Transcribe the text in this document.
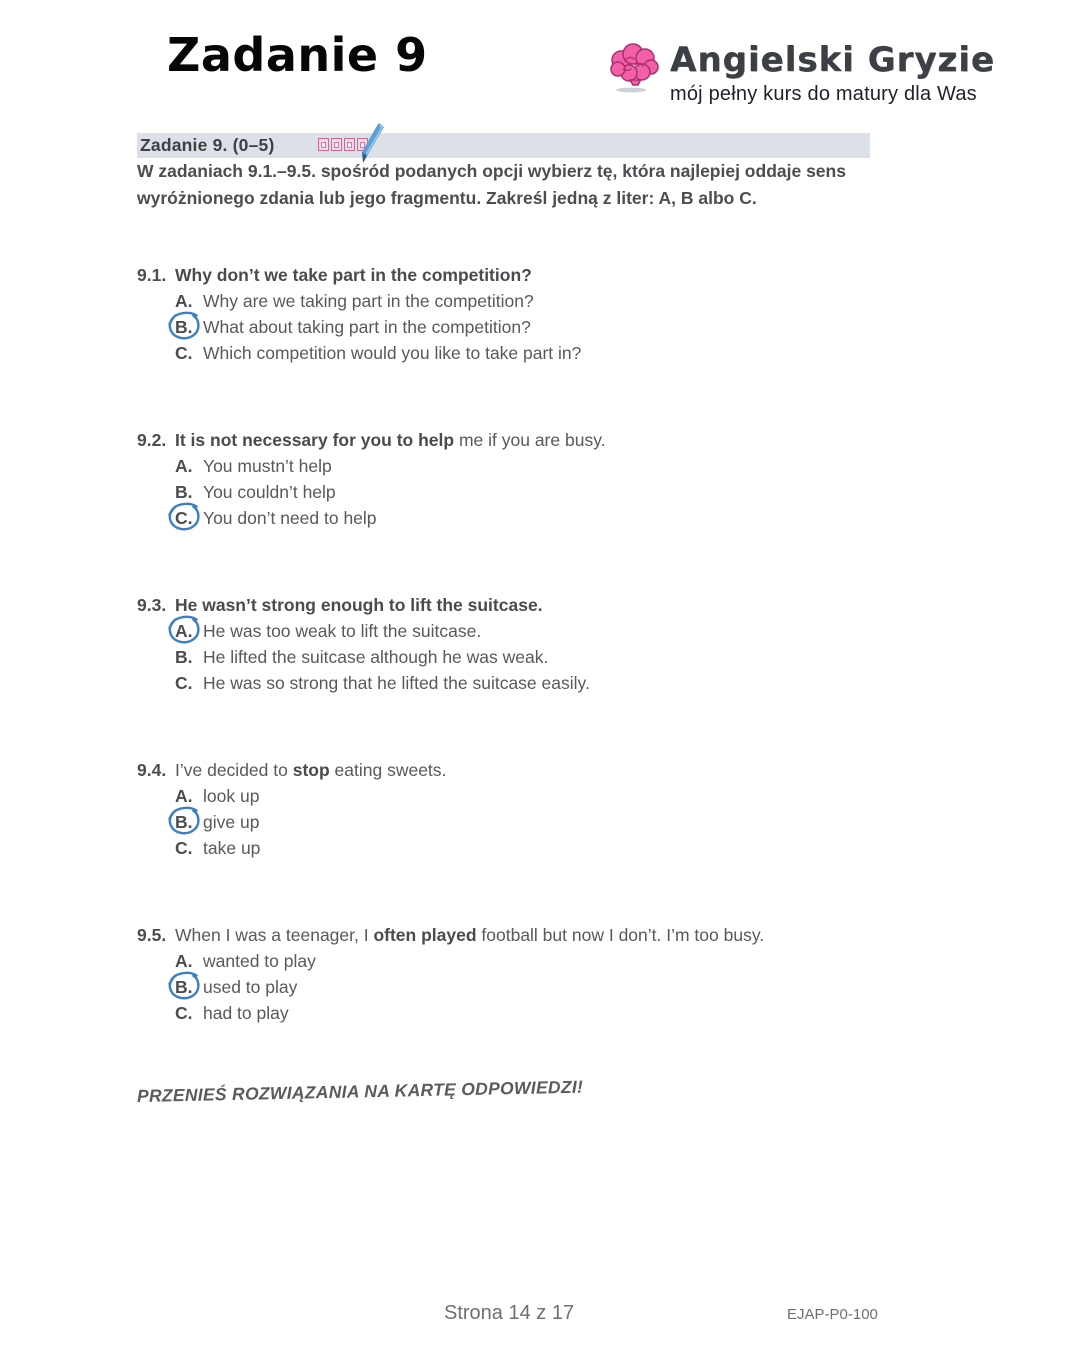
Zadanie 9	Angielski Gryzie
mój pełny kurs do matury dla Was
Zadanie 9. (0–5)

W zadaniach 9.1.–9.5. spośród podanych opcji wybierz tę, która najlepiej oddaje sens wyróżnionego zdania lub jego fragmentu. Zakreśl jedną z liter: A, B albo C.

9.1. Why don’t we take part in the competition?
A. Why are we taking part in the competition?
B. What about taking part in the competition?
C. Which competition would you like to take part in?
9.2. It is not necessary for you to help me if you are busy.
A. You mustn’t help
B. You couldn’t help
C. You don’t need to help
9.3. He wasn’t strong enough to lift the suitcase.
A. He was too weak to lift the suitcase.
B. He lifted the suitcase although he was weak.
C. He was so strong that he lifted the suitcase easily.
9.4. I’ve decided to stop eating sweets.
A. look up
B. give up
C. take up
9.5. When I was a teenager, I often played football but now I don’t. I’m too busy.
A. wanted to play
B. used to play
C. had to play

PRZENIEŚ ROZWIĄZANIA NA KARTĘ ODPOWIEDZI!

Strona 14 z 17	EJAP-P0-100
